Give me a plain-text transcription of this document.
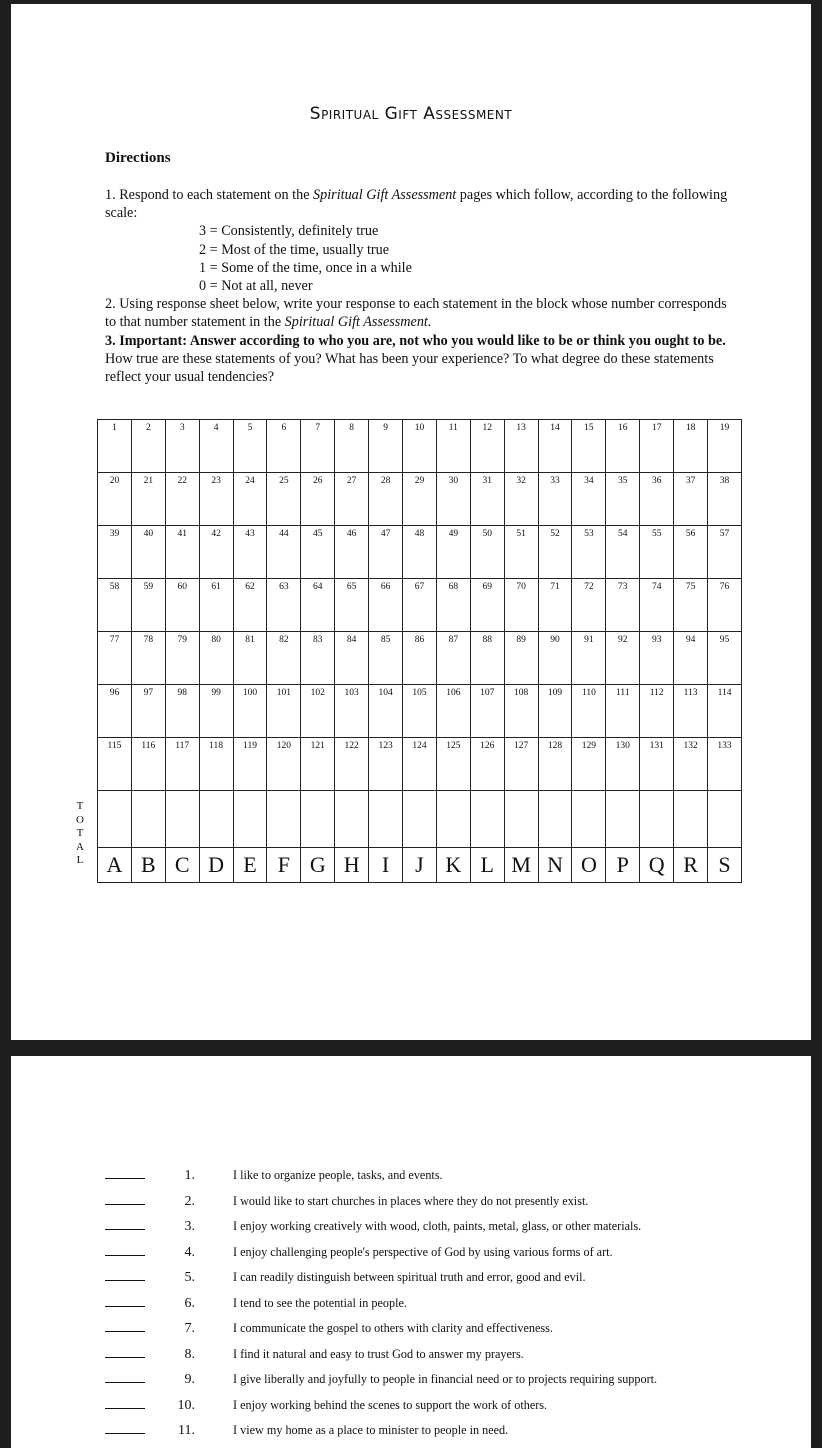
Spiritual Gift Assessment
Directions

1. Respond to each statement on the Spiritual Gift Assessment pages which follow, according to the following scale:

3 = Consistently, definitely true
2 = Most of the time, usually true
1 = Some of the time, once in a while
0 = Not at all, never

2. Using response sheet below, write your response to each statement in the block whose number corresponds to that number statement in the Spiritual Gift Assessment.

3. Important: Answer according to who you are, not who you would like to be or think you ought to be. How true are these statements of you? What has been your experience? To what degree do these statements reflect your usual tendencies?

T
O
T
A
L
1	2	3	4	5	6	7	8	9	10	11	12	13	14	15	16	17	18	19

20	21	22	23	24	25	26	27	28	29	30	31	32	33	34	35	36	37	38

39	40	41	42	43	44	45	46	47	48	49	50	51	52	53	54	55	56	57

58	59	60	61	62	63	64	65	66	67	68	69	70	71	72	73	74	75	76

77	78	79	80	81	82	83	84	85	86	87	88	89	90	91	92	93	94	95

96	97	98	99	100	101	102	103	104	105	106	107	108	109	110	111	112	113	114

115	116	117	118	119	120	121	122	123	124	125	126	127	128	129	130	131	132	133

A	B	C	D	E	F	G	H	I	J	K	L	M	N	O	P	Q	R	S
1.	I like to organize people, tasks, and events.
2.	I would like to start churches in places where they do not presently exist.
3.	I enjoy working creatively with wood, cloth, paints, metal, glass, or other materials.
4.	I enjoy challenging people's perspective of God by using various forms of art.
5.	I can readily distinguish between spiritual truth and error, good and evil.
6.	I tend to see the potential in people.
7.	I communicate the gospel to others with clarity and effectiveness.
8.	I find it natural and easy to trust God to answer my prayers.
9.	I give liberally and joyfully to people in financial need or to projects requiring support.
10.	I enjoy working behind the scenes to support the work of others.
11.	I view my home as a place to minister to people in need.
